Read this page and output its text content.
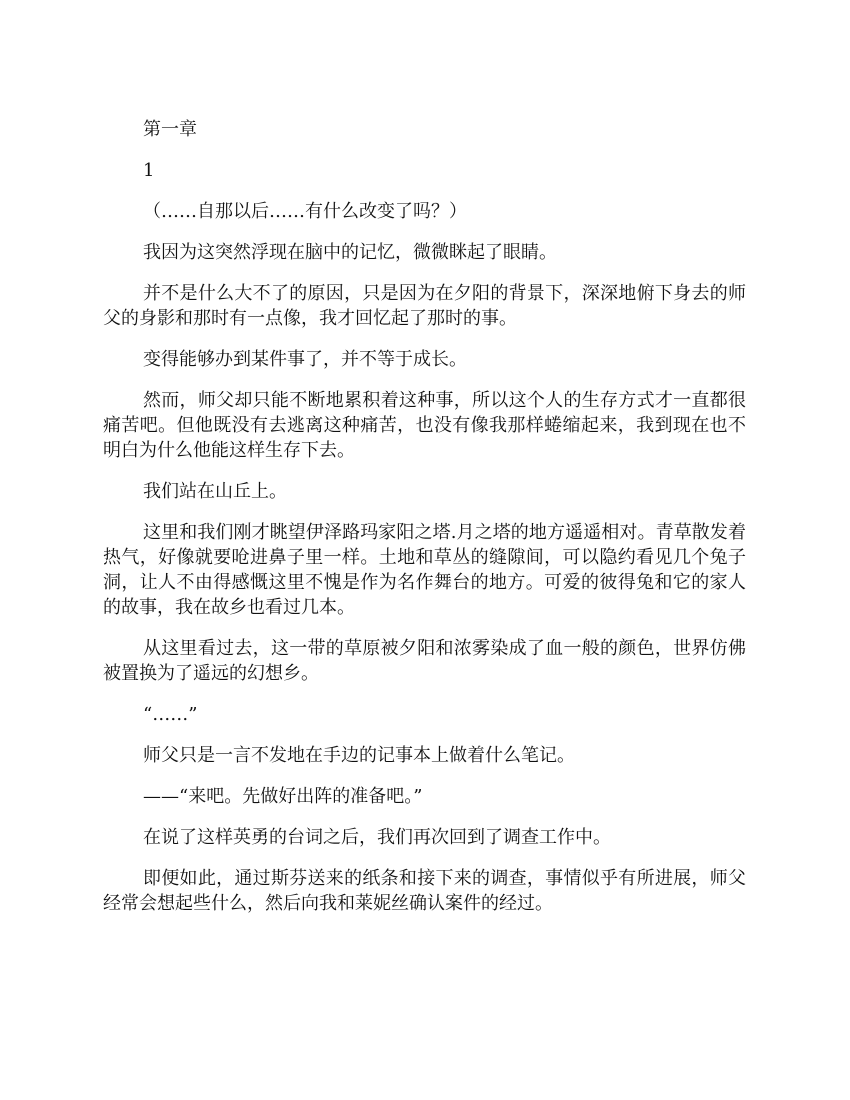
第一章

1

（……自那以后……有什么改变了吗？）

我因为这突然浮现在脑中的记忆，微微眯起了眼睛。

并不是什么大不了的原因，只是因为在夕阳的背景下，深深地俯下身去的师父的身影和那时有一点像，我才回忆起了那时的事。

变得能够办到某件事了，并不等于成长。

然而，师父却只能不断地累积着这种事，所以这个人的生存方式才一直都很痛苦吧。但他既没有去逃离这种痛苦，也没有像我那样蜷缩起来，我到现在也不明白为什么他能这样生存下去。

我们站在山丘上。

这里和我们刚才眺望伊泽路玛家阳之塔.月之塔的地方遥遥相对。青草散发着热气，好像就要呛进鼻子里一样。土地和草丛的缝隙间，可以隐约看见几个兔子洞，让人不由得感慨这里不愧是作为名作舞台的地方。可爱的彼得兔和它的家人的故事，我在故乡也看过几本。

从这里看过去，这一带的草原被夕阳和浓雾染成了血一般的颜色，世界仿佛被置换为了遥远的幻想乡。

“……”

师父只是一言不发地在手边的记事本上做着什么笔记。

——“来吧。先做好出阵的准备吧。”

在说了这样英勇的台词之后，我们再次回到了调查工作中。

即便如此，通过斯芬送来的纸条和接下来的调查，事情似乎有所进展，师父经常会想起些什么，然后向我和莱妮丝确认案件的经过。
